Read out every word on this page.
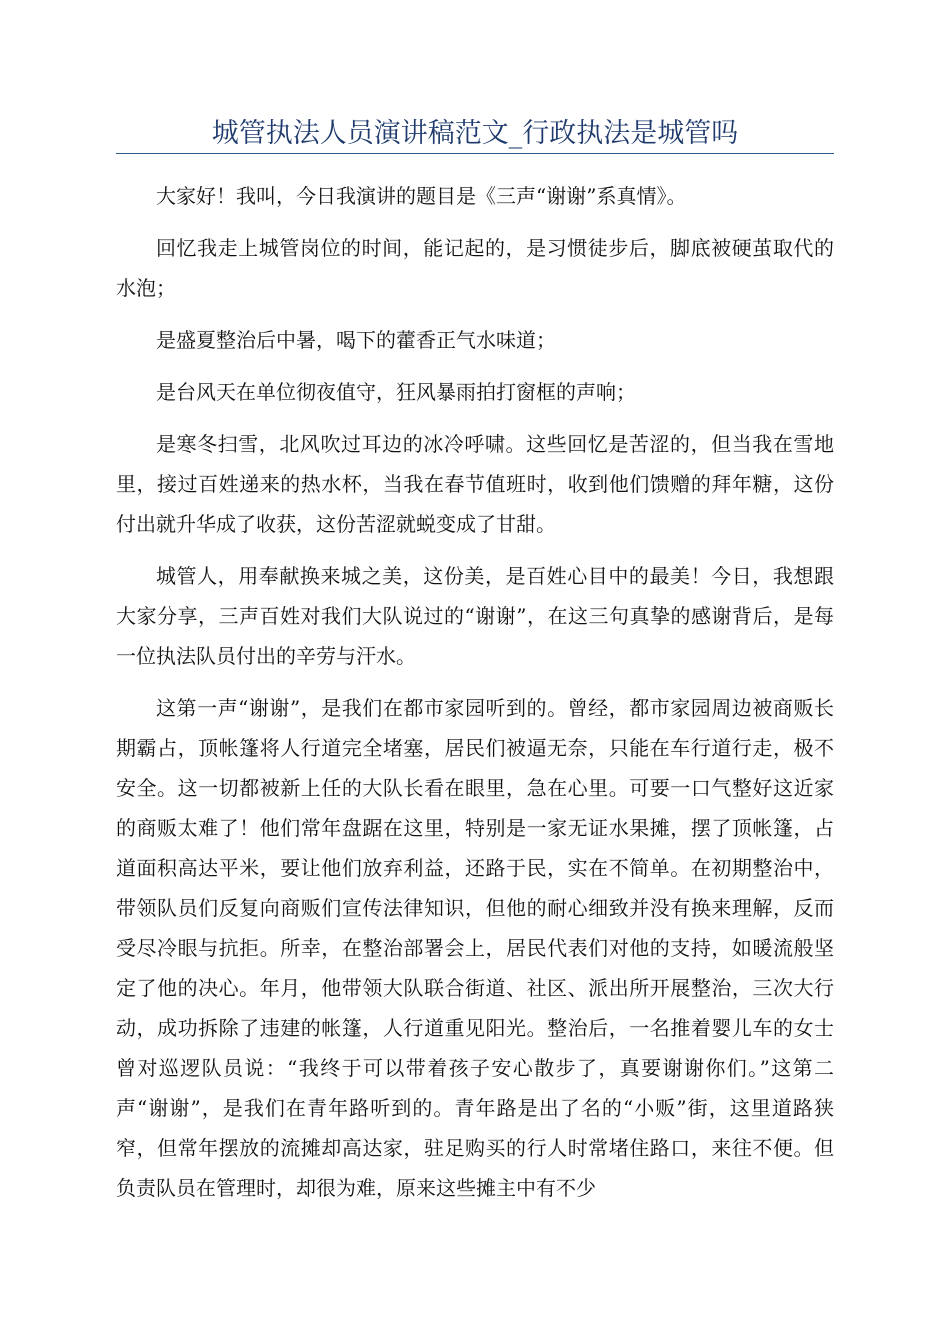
城管执法人员演讲稿范文_行政执法是城管吗

大家好！我叫，今日我演讲的题目是《三声“谢谢”系真情》。

回忆我走上城管岗位的时间，能记起的，是习惯徒步后，脚底被硬茧取代的水泡；

是盛夏整治后中暑，喝下的藿香正气水味道；

是台风天在单位彻夜值守，狂风暴雨拍打窗框的声响；

是寒冬扫雪，北风吹过耳边的冰冷呼啸。这些回忆是苦涩的，但当我在雪地里，接过百姓递来的热水杯，当我在春节值班时，收到他们馈赠的拜年糖，这份付出就升华成了收获，这份苦涩就蜕变成了甘甜。

城管人，用奉献换来城之美，这份美，是百姓心目中的最美！今日，我想跟大家分享，三声百姓对我们大队说过的“谢谢”，在这三句真挚的感谢背后，是每一位执法队员付出的辛劳与汗水。

这第一声“谢谢”，是我们在都市家园听到的。曾经，都市家园周边被商贩长期霸占，顶帐篷将人行道完全堵塞，居民们被逼无奈，只能在车行道行走，极不安全。这一切都被新上任的大队长看在眼里，急在心里。可要一口气整好这近家的商贩太难了！他们常年盘踞在这里，特别是一家无证水果摊，摆了顶帐篷，占道面积高达平米，要让他们放弃利益，还路于民，实在不简单。在初期整治中，带领队员们反复向商贩们宣传法律知识，但他的耐心细致并没有换来理解，反而受尽冷眼与抗拒。所幸，在整治部署会上，居民代表们对他的支持，如暖流般坚定了他的决心。年月，他带领大队联合街道、社区、派出所开展整治，三次大行动，成功拆除了违建的帐篷，人行道重见阳光。整治后，一名推着婴儿车的女士曾对巡逻队员说：“我终于可以带着孩子安心散步了，真要谢谢你们。”这第二声“谢谢”，是我们在青年路听到的。青年路是出了名的“小贩”街，这里道路狭窄，但常年摆放的流摊却高达家，驻足购买的行人时常堵住路口，来往不便。但负责队员在管理时，却很为难，原来这些摊主中有不少
